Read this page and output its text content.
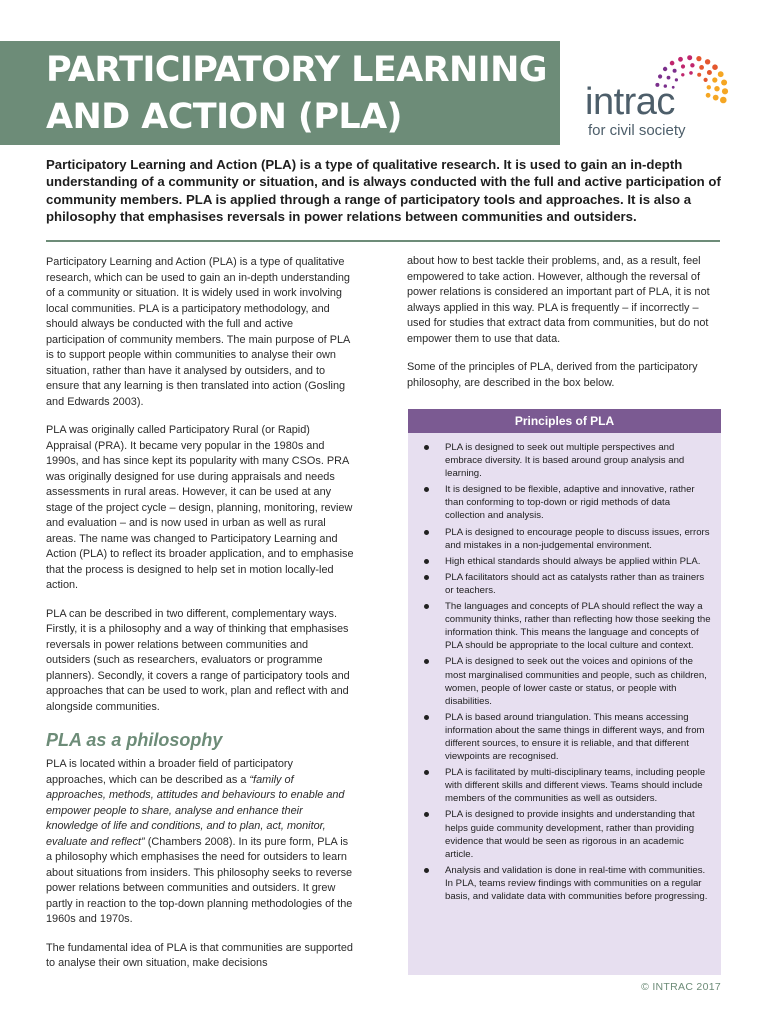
PARTICIPATORY LEARNING
AND ACTION (PLA)	intrac
for civil society

Participatory Learning and Action (PLA) is a type of qualitative research. It is used to gain an in-depth understanding of a community or situation, and is always conducted with the full and active participation of community members. PLA is applied through a range of participatory tools and approaches. It is also a philosophy that emphasises reversals in power relations between communities and outsiders.

Participatory Learning and Action (PLA) is a type of qualitative research, which can be used to gain an in-depth understanding of a community or situation. It is widely used in work involving local communities. PLA is a participatory methodology, and should always be conducted with the full and active participation of community members. The main purpose of PLA is to support people within communities to analyse their own situation, rather than have it analysed by outsiders, and to ensure that any learning is then translated into action (Gosling and Edwards 2003).

PLA was originally called Participatory Rural (or Rapid) Appraisal (PRA). It became very popular in the 1980s and 1990s, and has since kept its popularity with many CSOs. PRA was originally designed for use during appraisals and needs assessments in rural areas. However, it can be used at any stage of the project cycle – design, planning, monitoring, review and evaluation – and is now used in urban as well as rural areas. The name was changed to Participatory Learning and Action (PLA) to reflect its broader application, and to emphasise that the process is designed to help set in motion locally-led action.

PLA can be described in two different, complementary ways. Firstly, it is a philosophy and a way of thinking that emphasises reversals in power relations between communities and outsiders (such as researchers, evaluators or programme planners). Secondly, it covers a range of participatory tools and approaches that can be used to work, plan and reflect with and alongside communities.

PLA as a philosophy

PLA is located within a broader field of participatory approaches, which can be described as a “family of approaches, methods, attitudes and behaviours to enable and empower people to share, analyse and enhance their knowledge of life and conditions, and to plan, act, monitor, evaluate and reflect” (Chambers 2008). In its pure form, PLA is a philosophy which emphasises the need for outsiders to learn about situations from insiders. This philosophy seeks to reverse power relations between communities and outsiders. It grew partly in reaction to the top-down planning methodologies of the 1960s and 1970s.

The fundamental idea of PLA is that communities are supported to analyse their own situation, make decisions

about how to best tackle their problems, and, as a result, feel empowered to take action. However, although the reversal of power relations is considered an important part of PLA, it is not always applied in this way. PLA is frequently – if incorrectly – used for studies that extract data from communities, but do not empower them to use that data.

Some of the principles of PLA, derived from the participatory philosophy, are described in the box below.

Principles of PLA
PLA is designed to seek out multiple perspectives and embrace diversity. It is based around group analysis and learning.
It is designed to be flexible, adaptive and innovative, rather than conforming to top-down or rigid methods of data collection and analysis.
PLA is designed to encourage people to discuss issues, errors and mistakes in a non-judgemental environment.
High ethical standards should always be applied within PLA.
PLA facilitators should act as catalysts rather than as trainers or teachers.
The languages and concepts of PLA should reflect the way a community thinks, rather than reflecting how those seeking the information think. This means the language and concepts of PLA should be appropriate to the local culture and context.
PLA is designed to seek out the voices and opinions of the most marginalised communities and people, such as children, women, people of lower caste or status, or people with disabilities.
PLA is based around triangulation. This means accessing information about the same things in different ways, and from different sources, to ensure it is reliable, and that different viewpoints are recognised.
PLA is facilitated by multi-disciplinary teams, including people with different skills and different views. Teams should include members of the communities as well as outsiders.
PLA is designed to provide insights and understanding that helps guide community development, rather than providing evidence that would be seen as rigorous in an academic article.
Analysis and validation is done in real-time with communities. In PLA, teams review findings with communities on a regular basis, and validate data with communities before progressing.
© INTRAC 2017
